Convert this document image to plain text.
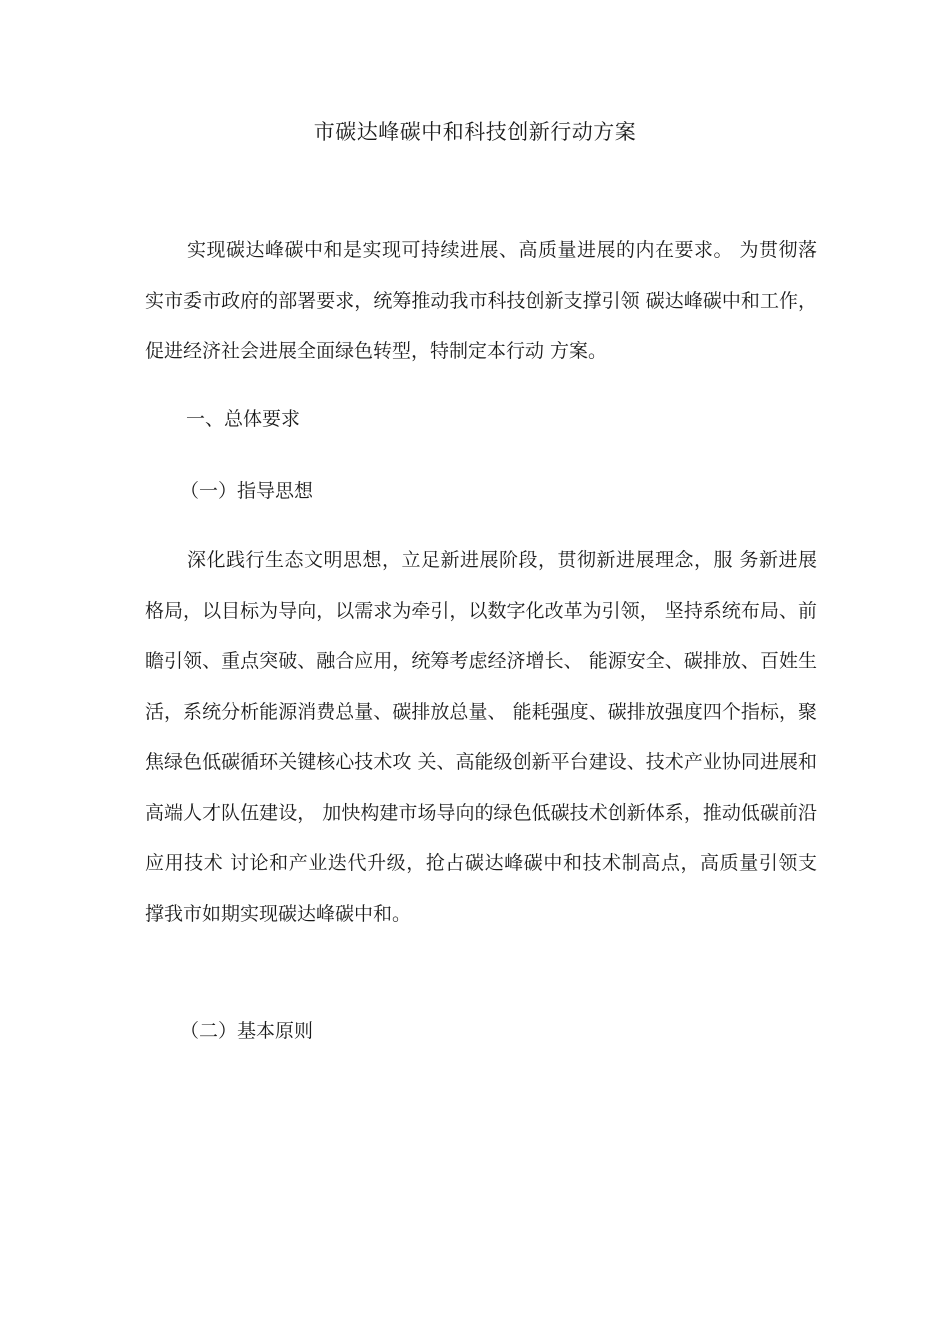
市碳达峰碳中和科技创新行动方案
实现碳达峰碳中和是实现可持续进展、高质量进展的内在要求。 为贯彻落实市委市政府的部署要求，统筹推动我市科技创新支撑引领 碳达峰碳中和工作，促进经济社会进展全面绿色转型，特制定本行动 方案。
一、总体要求
（一）指导思想
深化践行生态文明思想，立足新进展阶段，贯彻新进展理念，服 务新进展格局，以目标为导向，以需求为牵引，以数字化改革为引领， 坚持系统布局、前瞻引领、重点突破、融合应用，统筹考虑经济增长、 能源安全、碳排放、百姓生活，系统分析能源消费总量、碳排放总量、 能耗强度、碳排放强度四个指标，聚焦绿色低碳循环关键核心技术攻 关、高能级创新平台建设、技术产业协同进展和高端人才队伍建设， 加快构建市场导向的绿色低碳技术创新体系，推动低碳前沿应用技术 讨论和产业迭代升级，抢占碳达峰碳中和技术制高点，高质量引领支 撑我市如期实现碳达峰碳中和。
（二）基本原则
